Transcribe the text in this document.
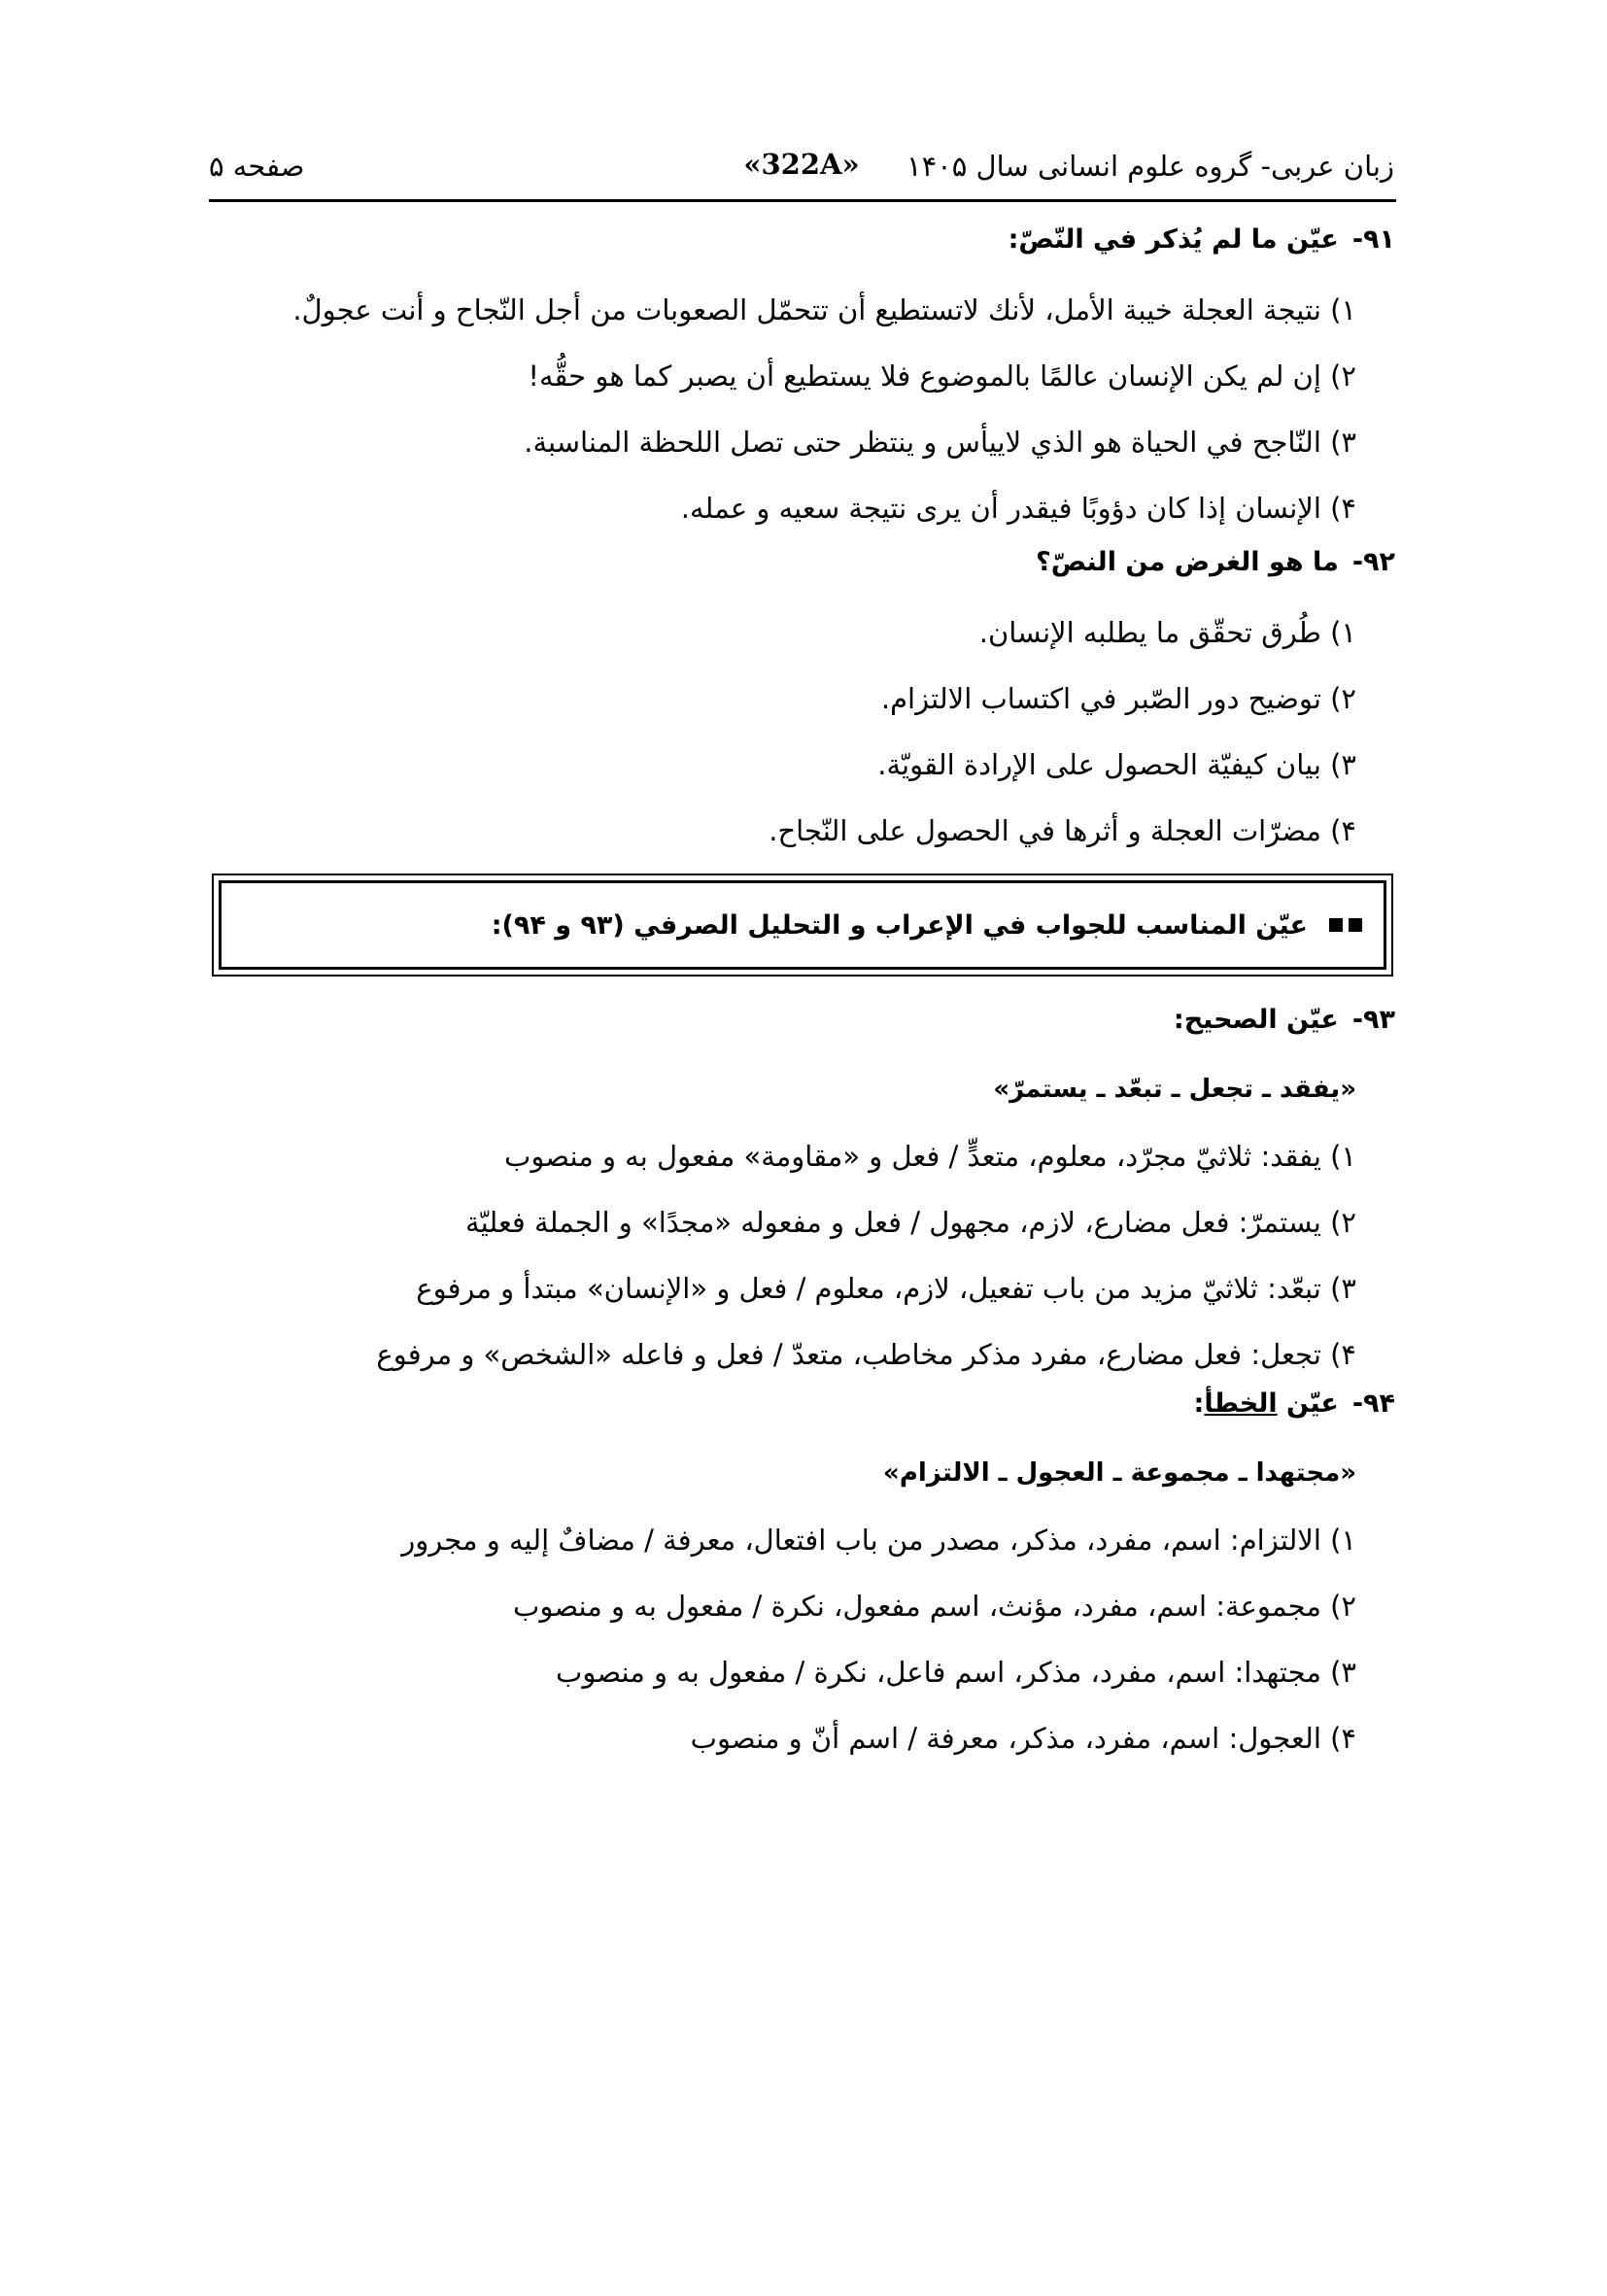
زبان عربی- گروه علوم انسانی سال ۱۴۰۵
«322A»
صفحه ۵
۹۱-عيّن ما لم يُذكر في النّصّ:
۱) نتيجة العجلة خيبة الأمل، لأنك لاتستطيع أن تتحمّل الصعوبات من أجل النّجاح و أنت عجولٌ.
۲) إن لم يكن الإنسان عالمًا بالموضوع فلا يستطيع أن يصبر كما هو حقُّه!
۳) النّاجح في الحياة هو الذي لاييأس و ينتظر حتى تصل اللحظة المناسبة.
۴) الإنسان إذا كان دؤوبًا فيقدر أن يرى نتيجة سعيه و عمله.
۹۲-ما هو الغرض من النصّ؟
۱) طُرق تحقّق ما يطلبه الإنسان.
۲) توضيح دور الصّبر في اكتساب الالتزام.
۳) بيان كيفيّة الحصول على الإرادة القويّة.
۴) مضرّات العجلة و أثرها في الحصول على النّجاح.
عيّن المناسب للجواب في الإعراب و التحليل الصرفي (۹۳ و ۹۴):
۹۳-عيّن الصحيح:
«يفقد ـ تجعل ـ تبعّد ـ يستمرّ»
۱) يفقد: ثلاثيّ مجرّد، معلوم، متعدٍّ / فعل و «مقاومة» مفعول به و منصوب
۲) يستمرّ: فعل مضارع، لازم، مجهول / فعل و مفعوله «مجدًا» و الجملة فعليّة
۳) تبعّد: ثلاثيّ مزيد من باب تفعيل، لازم، معلوم / فعل و «الإنسان» مبتدأ و مرفوع
۴) تجعل: فعل مضارع، مفرد مذكر مخاطب، متعدّ / فعل و فاعله «الشخص» و مرفوع
۹۴-عيّن الخطأ:
«مجتهدا ـ مجموعة ـ العجول ـ الالتزام»
۱) الالتزام: اسم، مفرد، مذكر، مصدر من باب افتعال، معرفة / مضافٌ إليه و مجرور
۲) مجموعة: اسم، مفرد، مؤنث، اسم مفعول، نكرة / مفعول به و منصوب
۳) مجتهدا: اسم، مفرد، مذكر، اسم فاعل، نكرة / مفعول به و منصوب
۴) العجول: اسم، مفرد، مذكر، معرفة / اسم أنّ و منصوب
